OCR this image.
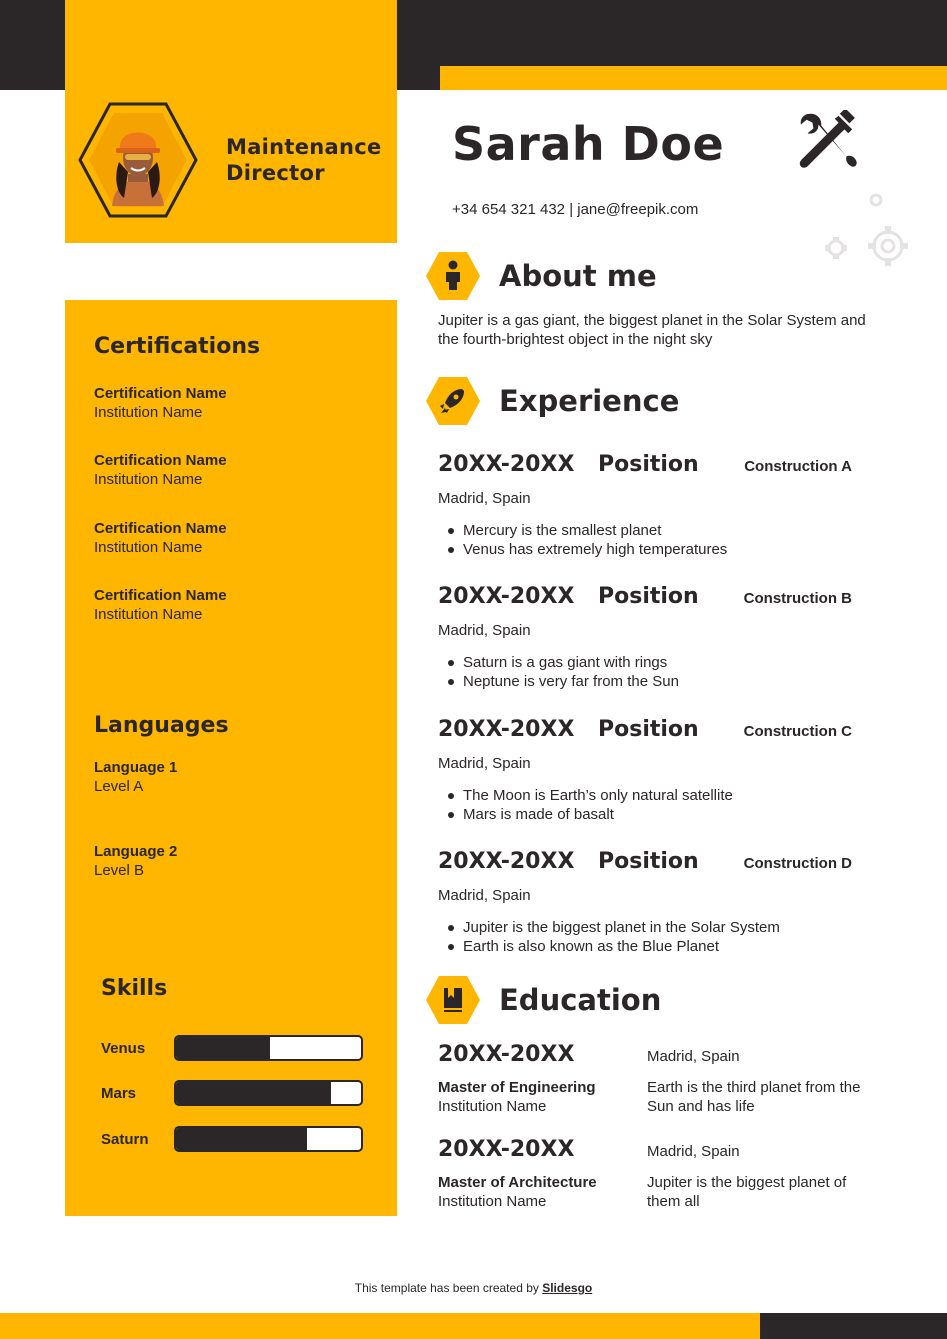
Maintenance Director
Sarah Doe
+34 654 321 432 | jane@freepik.com
About me
Jupiter is a gas giant, the biggest planet in the Solar System and the fourth-brightest object in the night sky
Experience
20XX-20XX Position	Construction A
Madrid, Spain
Mercury is the smallest planet
Venus has extremely high temperatures
20XX-20XX Position	Construction B
Madrid, Spain
Saturn is a gas giant with rings
Neptune is very far from the Sun
20XX-20XX Position	Construction C
Madrid, Spain
The Moon is Earth’s only natural satellite
Mars is made of basalt
20XX-20XX Position	Construction D
Madrid, Spain
Jupiter is the biggest planet in the Solar System
Earth is also known as the Blue Planet
Education
20XX-20XX	Madrid, Spain
Master of Engineering
Institution Name
Earth is the third planet from the Sun and has life
20XX-20XX	Madrid, Spain
Master of Architecture
Institution Name
Jupiter is the biggest planet of them all
Certifications
Certification Name
Institution Name
Certification Name
Institution Name
Certification Name
Institution Name
Certification Name
Institution Name
Languages
Language 1
Level A
Language 2
Level B
Skills
Venus
Mars
Saturn
This template has been created by Slidesgo
